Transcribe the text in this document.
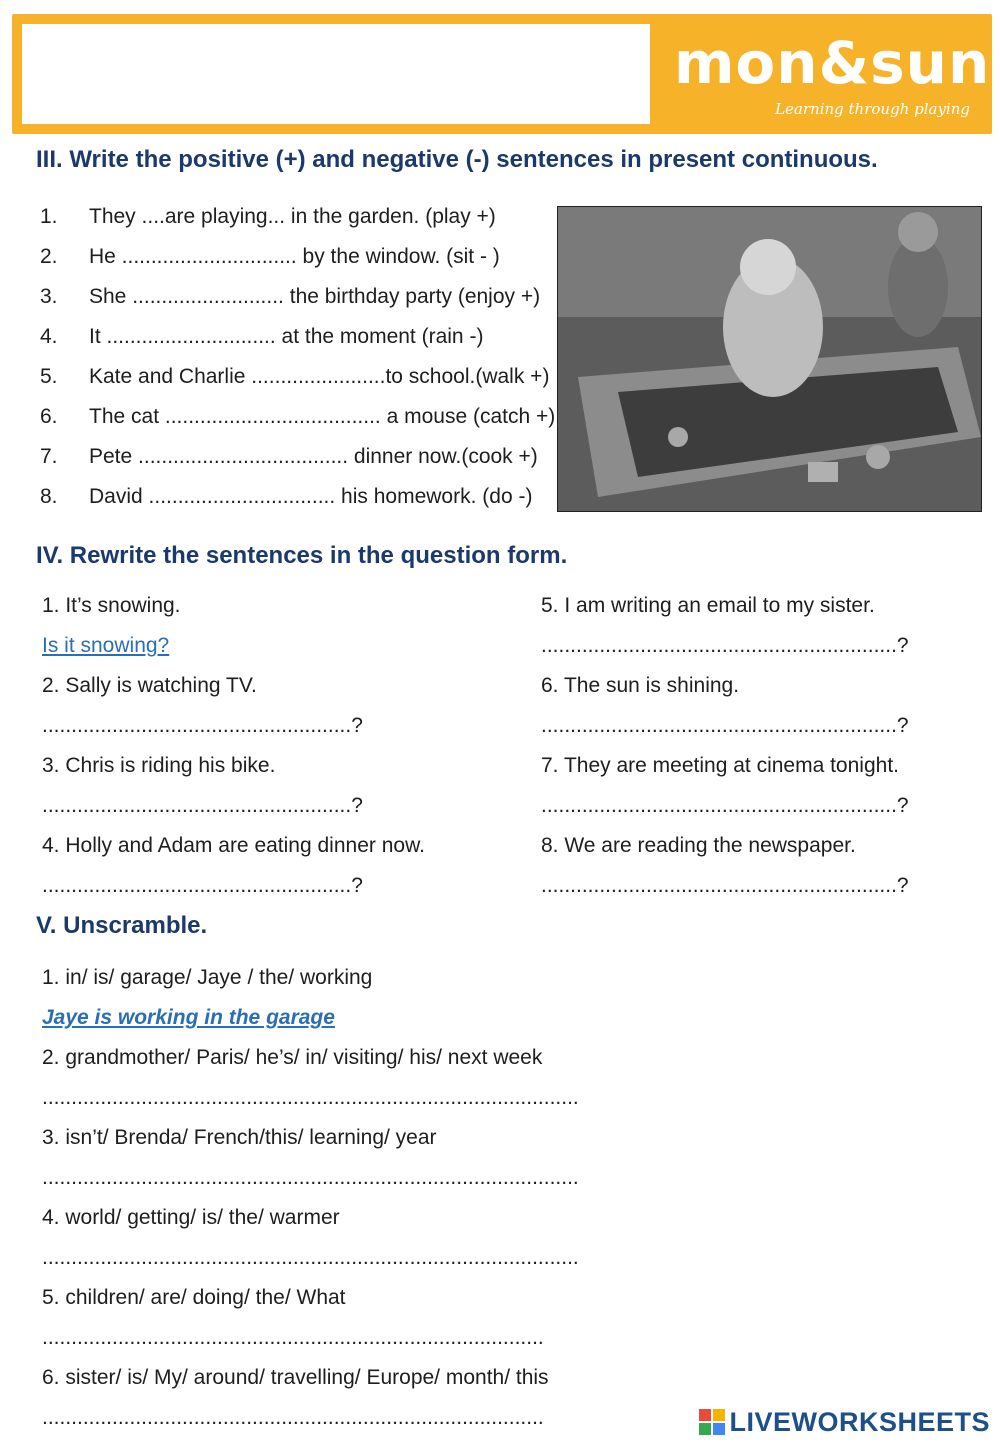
mon&sun
Learning through playing
III. Write the positive (+) and negative (-) sentences in present continuous.
1. They ....are playing... in the garden. (play +)
2. He .............................. by the window. (sit - )
3. She .......................... the birthday party (enjoy +)
4. It ............................. at the moment (rain -)
5. Kate and Charlie .......................to school.(walk +)
6. The cat ..................................... a mouse (catch +)
7. Pete .................................... dinner now.(cook +)
8. David ................................ his homework. (do -)
IV. Rewrite the sentences in the question form.
1. It’s snowing.
Is it snowing?
2. Sally is watching TV.
.....................................................?
3. Chris is riding his bike.
.....................................................?
4. Holly and Adam are eating dinner now.
.....................................................?
5. I am writing an email to my sister.
.............................................................?
6. The sun is shining.
.............................................................?
7. They are meeting at cinema tonight.
.............................................................?
8. We are reading the newspaper.
.............................................................?
V. Unscramble.
1. in/ is/ garage/ Jaye / the/ working
Jaye is working in the garage
2. grandmother/ Paris/ he’s/ in/ visiting/ his/ next week
............................................................................................
3. isn’t/ Brenda/ French/this/ learning/ year
............................................................................................
4. world/ getting/ is/ the/ warmer
............................................................................................
5. children/ are/ doing/ the/ What
......................................................................................
6. sister/ is/ My/ around/ travelling/ Europe/ month/ this
......................................................................................	LIVEWORKSHEETS
